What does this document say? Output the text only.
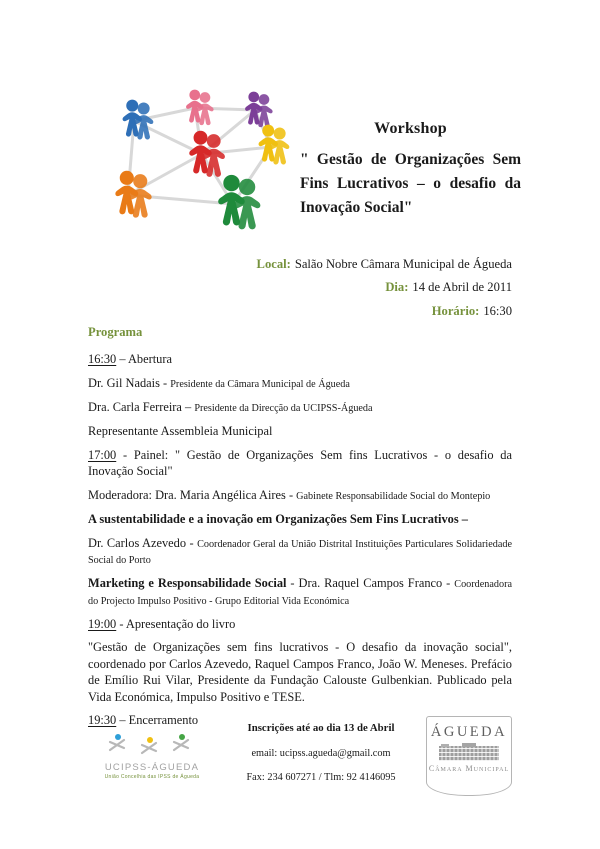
Workshop
" Gestão de Organizações Sem Fins Lucrativos – o desafio da Inovação Social"
Local: Salão Nobre Câmara Municipal de Águeda
Dia: 14 de Abril de 2011
Horário: 16:30
Programa

16:30 – Abertura

Dr. Gil Nadais - Presidente da Câmara Municipal de Águeda

Dra. Carla Ferreira – Presidente da Direcção da UCIPSS-Águeda

Representante Assembleia Municipal

17:00 - Painel: " Gestão de Organizações Sem fins Lucrativos - o desafio da Inovação Social"

Moderadora: Dra. Maria Angélica Aires - Gabinete Responsabilidade Social do Montepio

A sustentabilidade e a inovação em Organizações Sem Fins Lucrativos –

Dr. Carlos Azevedo - Coordenador Geral da União Distrital Instituições Particulares Solidariedade Social do Porto

Marketing e Responsabilidade Social - Dra. Raquel Campos Franco - Coordenadora do Projecto Impulso Positivo - Grupo Editorial Vida Económica

19:00 - Apresentação do livro

"Gestão de Organizações sem fins lucrativos - O desafio da inovação social", coordenado por Carlos Azevedo, Raquel Campos Franco, João W. Meneses. Prefácio de Emílio Rui Vilar, Presidente da Fundação Calouste Gulbenkian. Publicado pela Vida Económica, Impulso Positivo e TESE.

19:30 – Encerramento

UCIPSS-ÁGUEDA
União Concelhia das IPSS de Águeda
Inscrições até ao dia 13 de Abril
email: ucipss.agueda@gmail.com
Fax: 234 607271 / Tlm: 92 4146095
ÁGUEDA
Câmara Municipal
